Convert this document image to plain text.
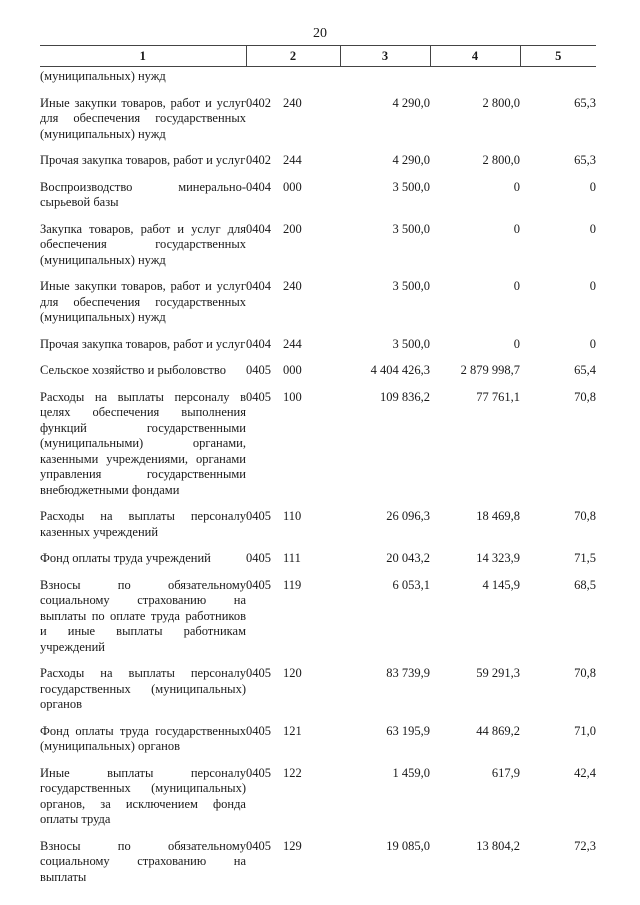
20
1	2	3	4	5
(муниципальных) нужд				
Иные закупки товаров, работ и услуг для обеспечения государственных (муниципальных) нужд	0402 240	4 290,0	2 800,0	65,3
Прочая закупка товаров, работ и услуг	0402 244	4 290,0	2 800,0	65,3
Воспроизводство минерально-сырьевой базы	0404 000	3 500,0	0	0
Закупка товаров, работ и услуг для обеспечения государственных (муниципальных) нужд	0404 200	3 500,0	0	0
Иные закупки товаров, работ и услуг для обеспечения государственных (муниципальных) нужд	0404 240	3 500,0	0	0
Прочая закупка товаров, работ и услуг	0404 244	3 500,0	0	0
Сельское хозяйство и рыболовство	0405 000	4 404 426,3	2 879 998,7	65,4
Расходы на выплаты персоналу в целях обеспечения выполнения функций государственными (муниципальными) органами, казенными учреждениями, органами управления государственными внебюджетными фондами	0405 100	109 836,2	77 761,1	70,8
Расходы на выплаты персоналу казенных учреждений	0405 110	26 096,3	18 469,8	70,8
Фонд оплаты труда учреждений	0405 111	20 043,2	14 323,9	71,5
Взносы по обязательному социальному страхованию на выплаты по оплате труда работников и иные выплаты работникам учреждений	0405 119	6 053,1	4 145,9	68,5
Расходы на выплаты персоналу государственных (муниципальных) органов	0405 120	83 739,9	59 291,3	70,8
Фонд оплаты труда государственных (муниципальных) органов	0405 121	63 195,9	44 869,2	71,0
Иные выплаты персоналу государственных (муниципальных) органов, за исключением фонда оплаты труда	0405 122	1 459,0	617,9	42,4
Взносы по обязательному социальному страхованию на выплаты	0405 129	19 085,0	13 804,2	72,3
